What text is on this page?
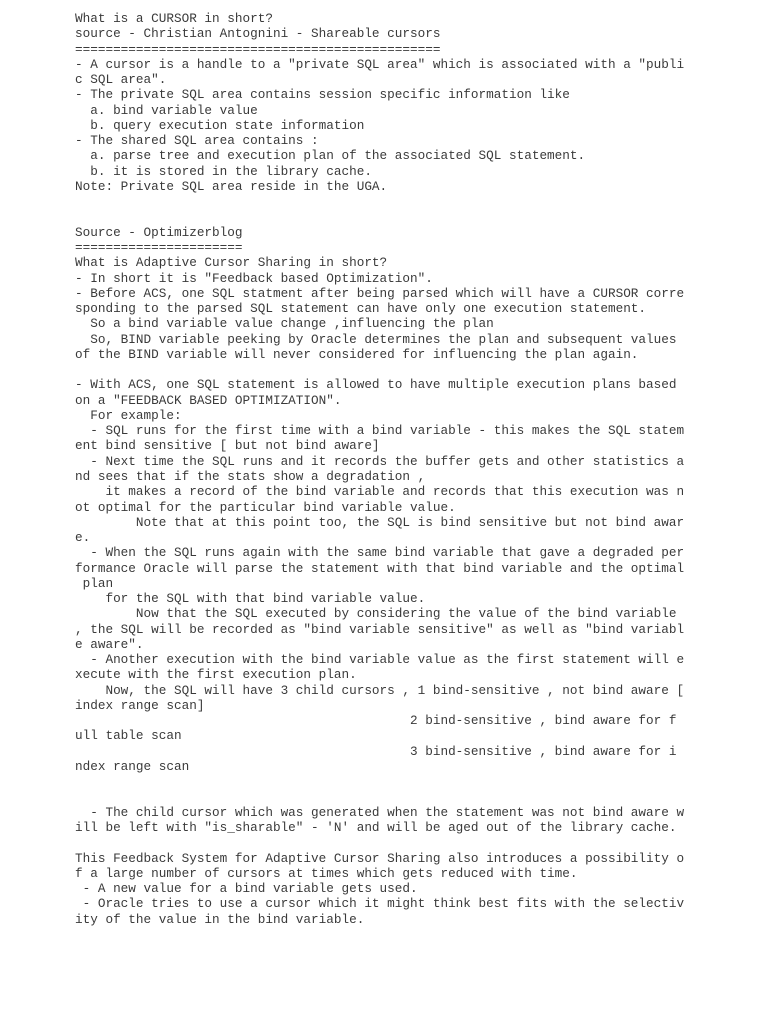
What is a CURSOR in short?

source - Christian Antognini - Shareable cursors

================================================

- A cursor is a handle to a "private SQL area" which is associated with a "publi

c SQL area".

- The private SQL area contains session specific information like

a. bind variable value

b. query execution state information

- The shared SQL area contains :

a. parse tree and execution plan of the associated SQL statement.

b. it is stored in the library cache.

Note: Private SQL area reside in the UGA.

Source - Optimizerblog

======================

What is Adaptive Cursor Sharing in short?

- In short it is "Feedback based Optimization".

- Before ACS, one SQL statment after being parsed which will have a CURSOR corre

sponding to the parsed SQL statement can have only one execution statement.

So a bind variable value change ,influencing the plan

So, BIND variable peeking by Oracle determines the plan and subsequent values

of the BIND variable will never considered for influencing the plan again.

- With ACS, one SQL statement is allowed to have multiple execution plans based

on a "FEEDBACK BASED OPTIMIZATION".

For example:

- SQL runs for the first time with a bind variable - this makes the SQL statem

ent bind sensitive [ but not bind aware]

- Next time the SQL runs and it records the buffer gets and other statistics a

nd sees that if the stats show a degradation ,

it makes a record of the bind variable and records that this execution was n

ot optimal for the particular bind variable value.

Note that at this point too, the SQL is bind sensitive but not bind awar

e.

- When the SQL runs again with the same bind variable that gave a degraded per

formance Oracle will parse the statement with that bind variable and the optimal

plan

for the SQL with that bind variable value.

Now that the SQL executed by considering the value of the bind variable

, the SQL will be recorded as "bind variable sensitive" as well as "bind variabl

e aware".

- Another execution with the bind variable value as the first statement will e

xecute with the first execution plan.

Now, the SQL will have 3 child cursors , 1 bind-sensitive , not bind aware [

index range scan]

2 bind-sensitive , bind aware for f

ull table scan

3 bind-sensitive , bind aware for i

ndex range scan

- The child cursor which was generated when the statement was not bind aware w

ill be left with "is_sharable" - 'N' and will be aged out of the library cache.

This Feedback System for Adaptive Cursor Sharing also introduces a possibility o

f a large number of cursors at times which gets reduced with time.

- A new value for a bind variable gets used.

- Oracle tries to use a cursor which it might think best fits with the selectiv

ity of the value in the bind variable.
